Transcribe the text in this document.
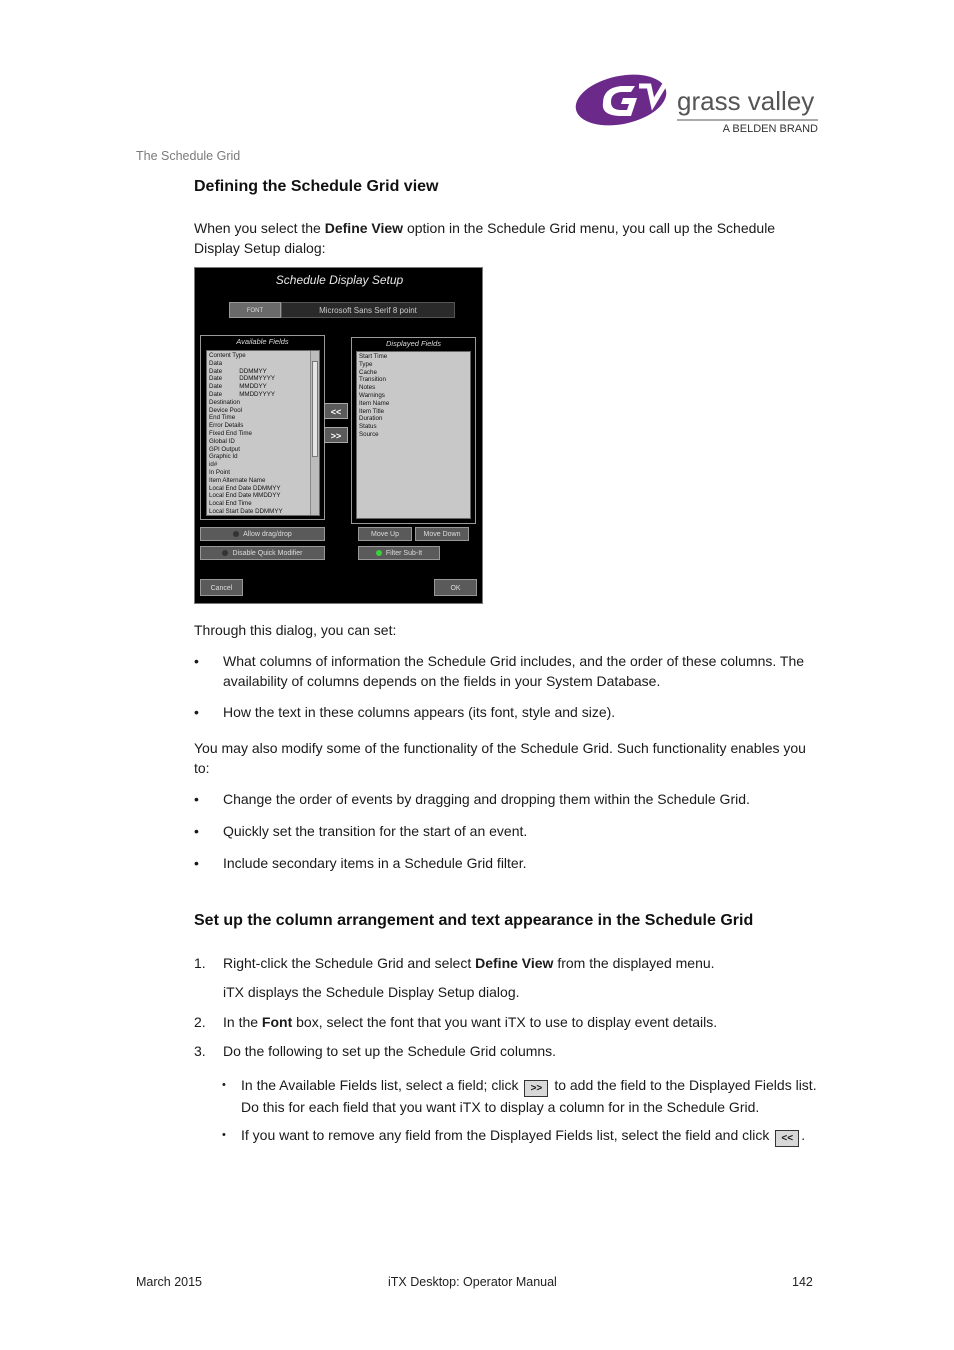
grass valley
A BELDEN BRAND
The Schedule Grid
Defining the Schedule Grid view

When you select the Define View option in the Schedule Grid menu, you call up the Schedule Display Setup dialog:

Schedule Display Setup
FONT	Microsoft Sans Serif 8 point
Available Fields
Content Type
Data
Date          DDMMYY
Date          DDMMYYYY
Date          MMDDYY
Date          MMDDYYYY
Destination
Device Pool
End Time
Error Details
Fixed End Time
Global ID
GPI Output
Graphic Id
id#
In Point
Item Alternate Name
Local End Date DDMMYY
Local End Date MMDDYY
Local End Time
Local Start Date DDMMYY
<<
>>
Displayed Fields
Start Time
Type
Cache
Transition
Notes
Warnings
Item Name
Item Title
Duration
Status
Source
Allow drag/drop
Disable Quick Modifier
Move Up	Move Down
Filter Sub-It
Cancel	OK

Through this dialog, you can set:

• What columns of information the Schedule Grid includes, and the order of these columns. The availability of columns depends on the fields in your System Database.
• How the text in these columns appears (its font, style and size).

You may also modify some of the functionality of the Schedule Grid. Such functionality enables you to:

• Change the order of events by dragging and dropping them within the Schedule Grid.
• Quickly set the transition for the start of an event.
• Include secondary items in a Schedule Grid filter.
Set up the column arrangement and text appearance in the Schedule Grid
1. Right-click the Schedule Grid and select Define View from the displayed menu.
iTX displays the Schedule Display Setup dialog.
2. In the Font box, select the font that you want iTX to use to display event details.
3. Do the following to set up the Schedule Grid columns.
• In the Available Fields list, select a field; click >> to add the field to the Displayed Fields list. Do this for each field that you want iTX to display a column for in the Schedule Grid.
• If you want to remove any field from the Displayed Fields list, select the field and click << .
March 2015	iTX Desktop: Operator Manual	142
